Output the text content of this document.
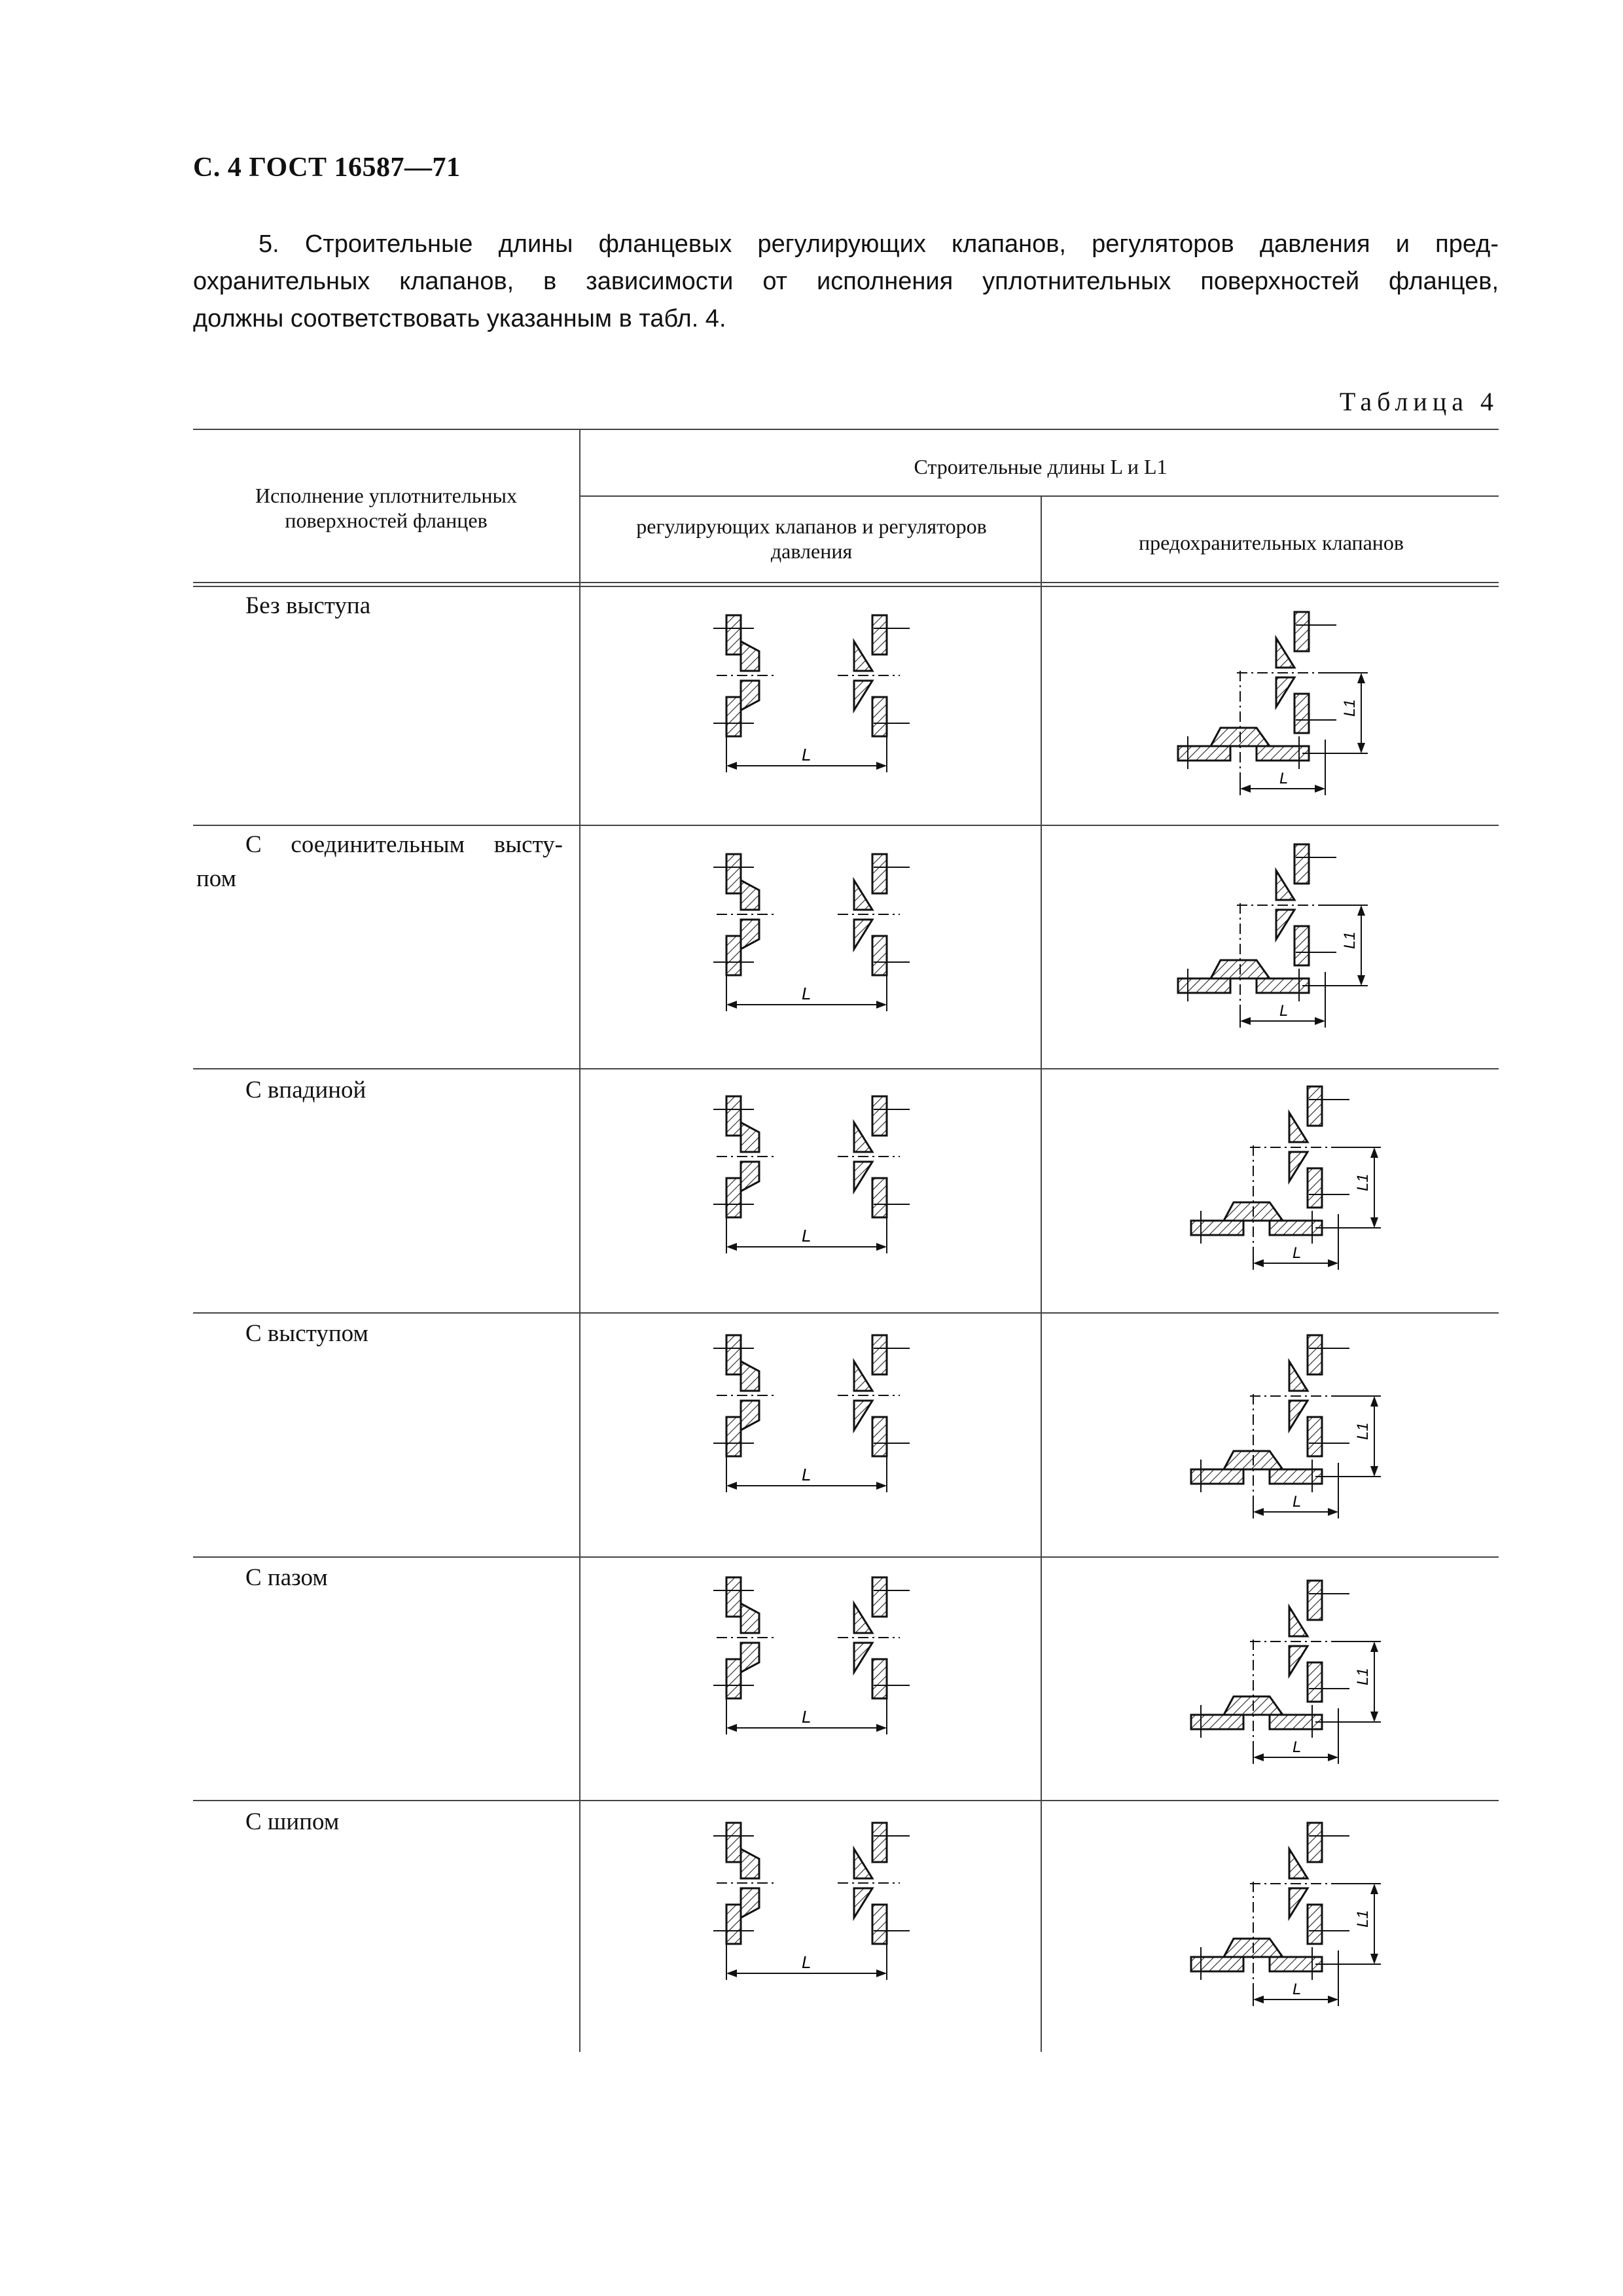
С. 4 ГОСТ 16587—71
5. Строительные длины фланцевых регулирующих клапанов, регуляторов давления и пред-
охранительных клапанов, в зависимости от исполнения уплотнительных поверхностей фланцев,
должны соответствовать указанным в табл. 4.
Таблица 4
Исполнение уплотнительных
поверхностей фланцев
Строительные длины L и L1
регулирующих клапанов и регуляторов
давления	предохранительных клапанов
Без выступа
С соединительным высту-
пом
С впадиной
С выступом
С пазом
С шипом
L
L1
L
L
L1
L
L
L1
L
L
L1
L
L
L1
L
L
L1
L
